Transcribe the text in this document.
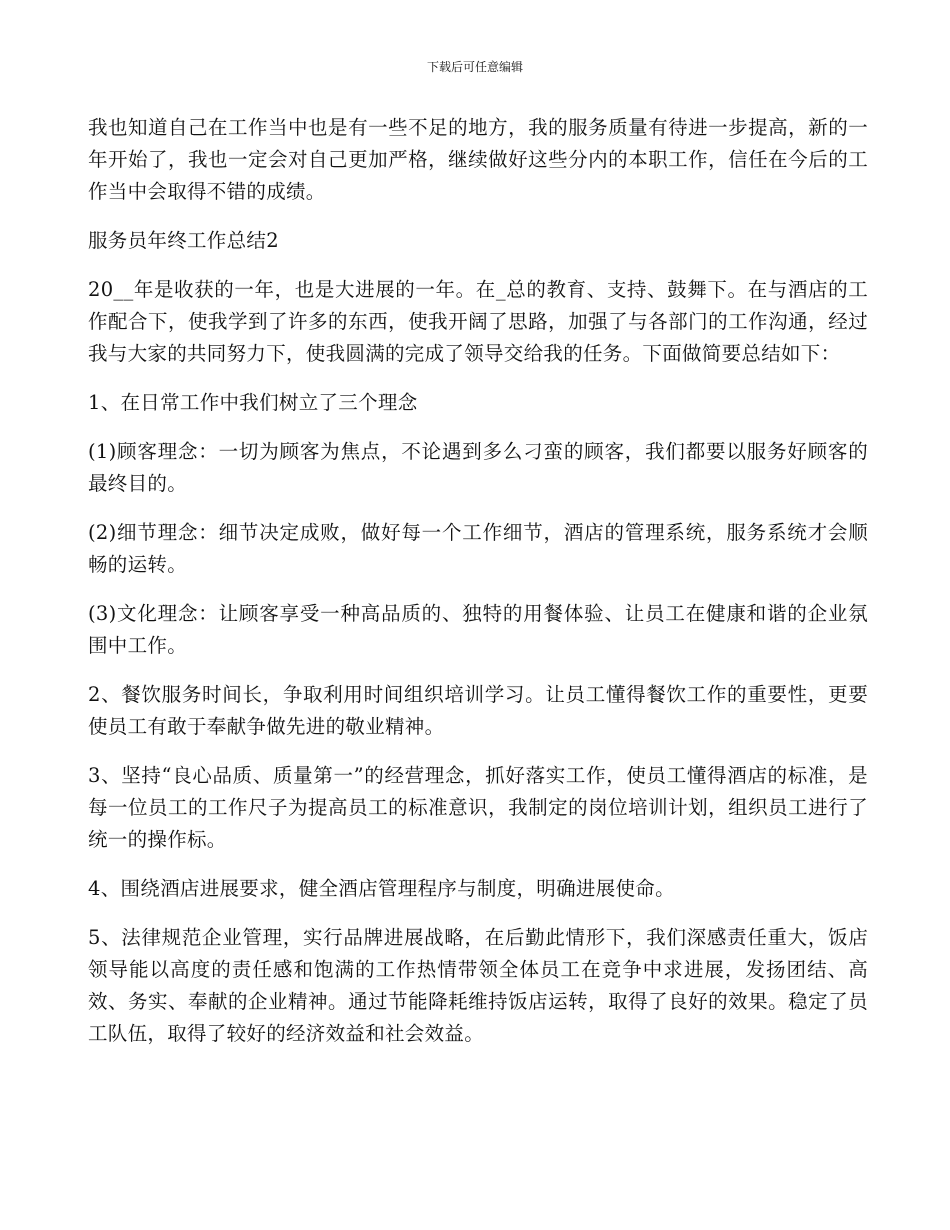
下载后可任意编辑

我也知道自己在工作当中也是有一些不足的地方，我的服务质量有待进一步提高，新的一年开始了，我也一定会对自己更加严格，继续做好这些分内的本职工作，信任在今后的工作当中会取得不错的成绩。

服务员年终工作总结2

20__年是收获的一年，也是大进展的一年。在_总的教育、支持、鼓舞下。在与酒店的工作配合下，使我学到了许多的东西，使我开阔了思路，加强了与各部门的工作沟通，经过我与大家的共同努力下，使我圆满的完成了领导交给我的任务。下面做简要总结如下：

1、在日常工作中我们树立了三个理念

(1)顾客理念：一切为顾客为焦点，不论遇到多么刁蛮的顾客，我们都要以服务好顾客的最终目的。

(2)细节理念：细节决定成败，做好每一个工作细节，酒店的管理系统，服务系统才会顺畅的运转。

(3)文化理念：让顾客享受一种高品质的、独特的用餐体验、让员工在健康和谐的企业氛围中工作。

2、餐饮服务时间长，争取利用时间组织培训学习。让员工懂得餐饮工作的重要性，更要使员工有敢于奉献争做先进的敬业精神。

3、坚持“良心品质、质量第一”的经营理念，抓好落实工作，使员工懂得酒店的标准，是每一位员工的工作尺子为提高员工的标准意识，我制定的岗位培训计划，组织员工进行了统一的操作标。

4、围绕酒店进展要求，健全酒店管理程序与制度，明确进展使命。

5、法律规范企业管理，实行品牌进展战略，在后勤此情形下，我们深感责任重大，饭店领导能以高度的责任感和饱满的工作热情带领全体员工在竞争中求进展，发扬团结、高效、务实、奉献的企业精神。通过节能降耗维持饭店运转，取得了良好的效果。稳定了员工队伍，取得了较好的经济效益和社会效益。
